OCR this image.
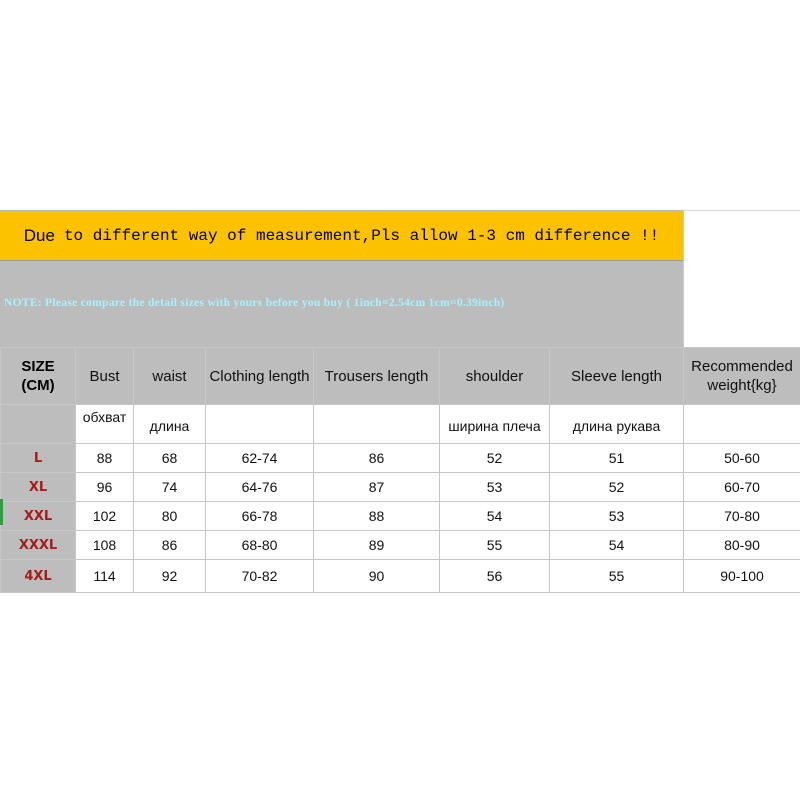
Due to different way of measurement,Pls allow 1-3 cm difference !!
NOTE: Please compare the detail sizes with yours before you buy ( 1inch=2.54cm 1cm=0.39inch)
SIZE
(CM)	Bust	waist	Clothing length	Trousers length	shoulder	Sleeve length	Recommended
weight{kg}
	обхват	длина			ширина плеча	длина рукава	
L	88	68	62-74	86	52	51	50-60
XL	96	74	64-76	87	53	52	60-70
XXL	102	80	66-78	88	54	53	70-80
XXXL	108	86	68-80	89	55	54	80-90
4XL	114	92	70-82	90	56	55	90-100
